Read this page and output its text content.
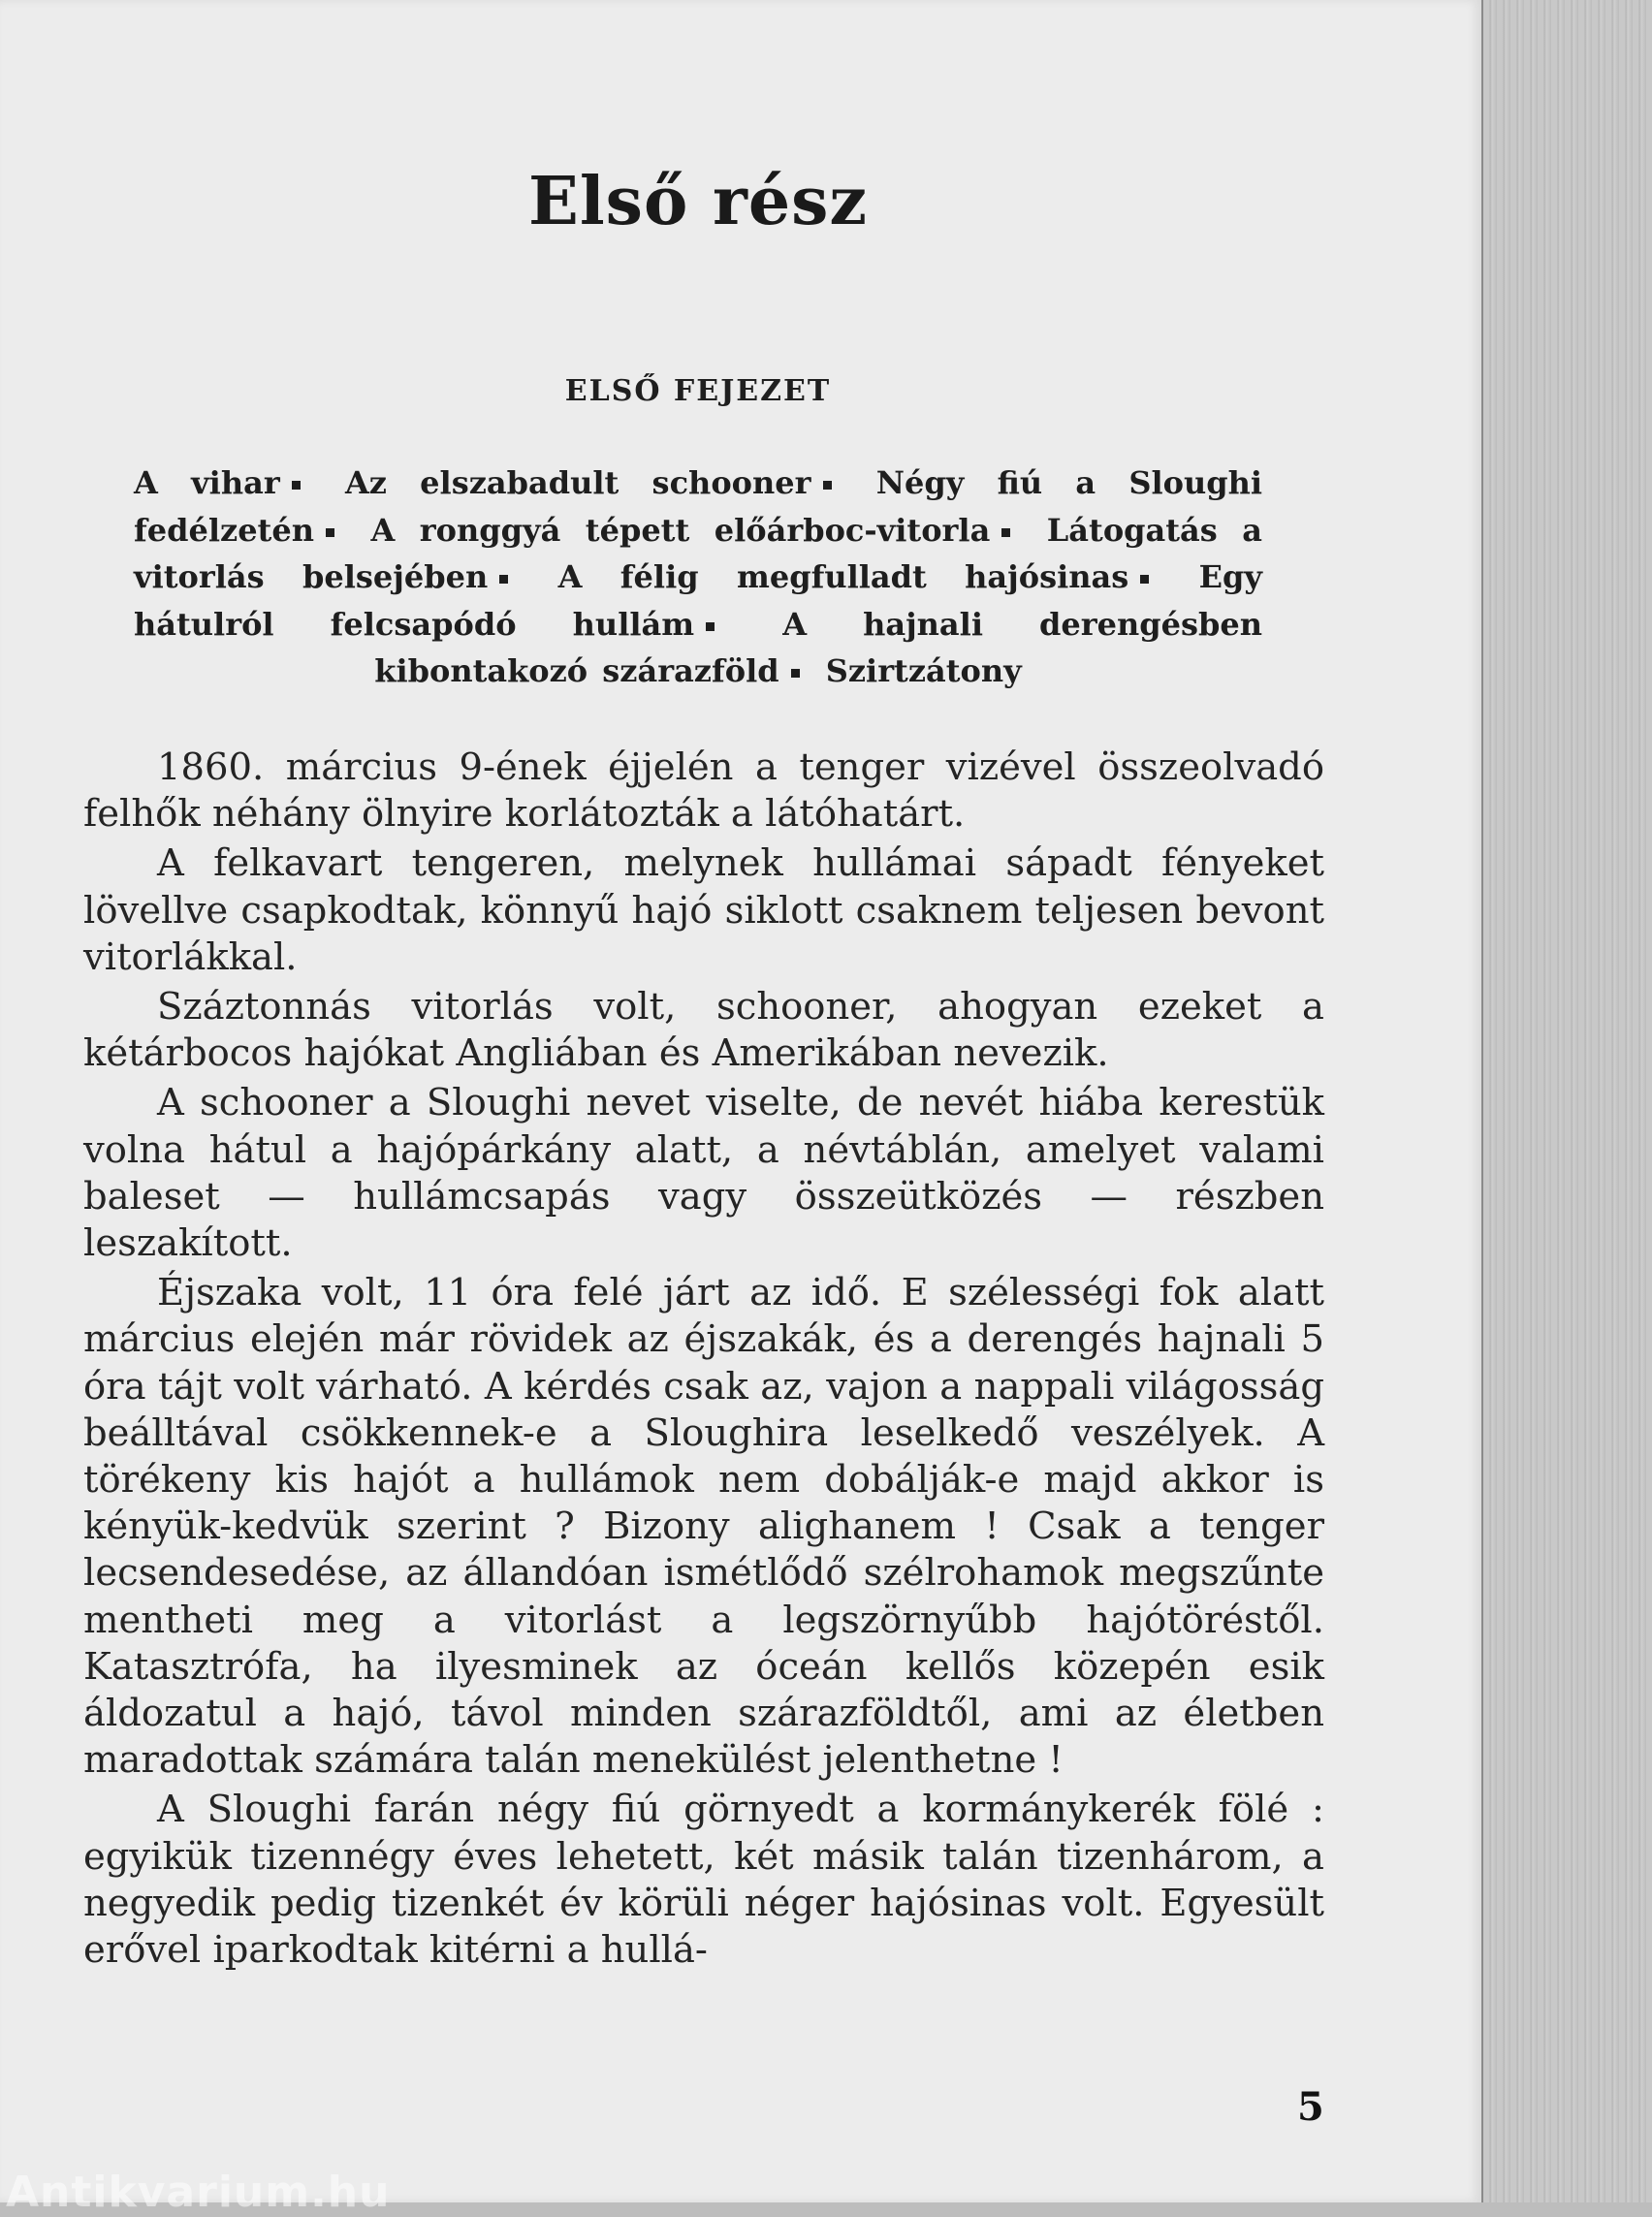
Első rész
ELSŐ FEJEZET
A vihar Az elszabadult schooner Négy fiú a Sloughi fedélzetén A ronggyá tépett előárboc-vitorla Látogatás a vitorlás belsejében A félig megfulladt hajósinas Egy hátulról felcsapódó hullám	A hajnali derengésben kibontakozó szárazföld Szirtzátony

1860. március 9-ének éjjelén a tenger vizével összeolvadó felhők néhány ölnyire korlátozták a látóhatárt.

A felkavart tengeren, melynek hullámai sápadt fényeket lövellve csapkodtak, könnyű hajó siklott csaknem teljesen bevont vitorlákkal.

Száztonnás vitorlás volt, schooner, ahogyan ezeket a kétárbocos hajókat Angliában és Amerikában nevezik.

A schooner a Sloughi nevet viselte, de nevét hiába kerestük volna hátul a hajópárkány alatt, a névtáblán, amelyet valami baleset — hullámcsapás vagy összeütközés — részben leszakított.

Éjszaka volt, 11 óra felé járt az idő. E szélességi fok alatt március elején már rövidek az éjszakák, és a derengés hajnali 5 óra tájt volt várható. A kérdés csak az, vajon a nappali világosság beálltával csökkennek-e a Sloughira leselkedő veszélyek. A törékeny kis hajót a hullámok nem dobálják-e majd akkor is kényük-kedvük szerint ? Bizony alighanem ! Csak a tenger lecsendesedése, az állandóan ismétlődő szélrohamok megszűnte mentheti meg a vitorlást a legszörnyűbb hajótöréstől. Katasztrófa, ha ilyesminek az óceán kellős közepén esik áldozatul a hajó, távol minden szárazföldtől, ami az életben maradottak számára talán menekülést jelenthetne !

A Sloughi farán négy fiú görnyedt a kormánykerék fölé : egyikük tizennégy éves lehetett, két másik talán tizenhárom, a negyedik pedig tizenkét év körüli néger hajósinas volt. Egyesült erővel iparkodtak kitérni a hullá-

5
Antikvarium.hu
